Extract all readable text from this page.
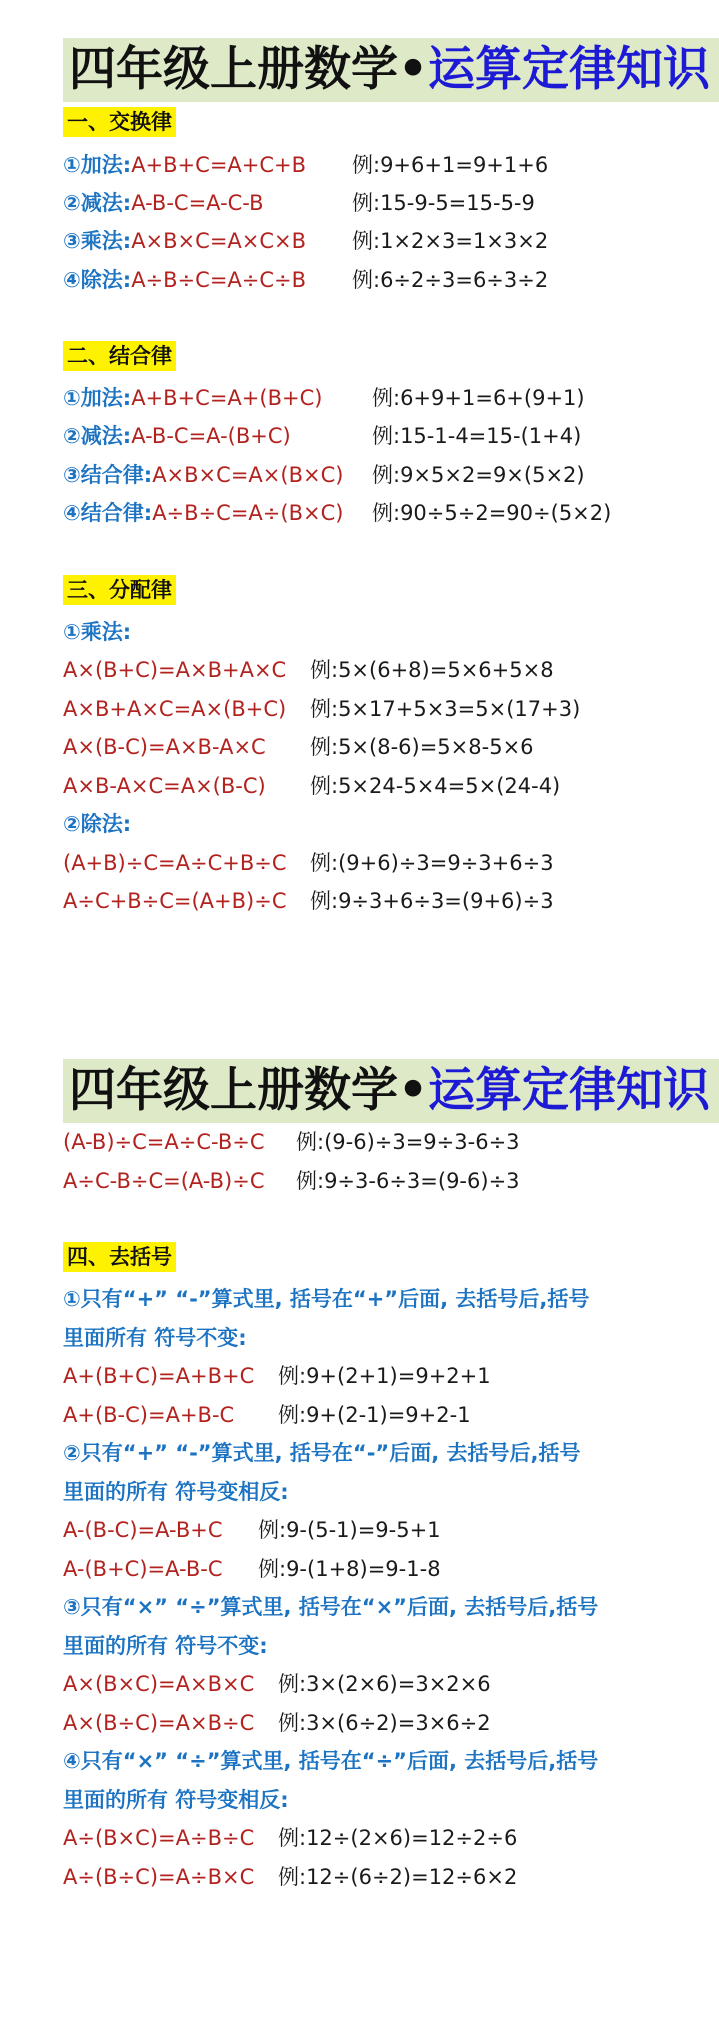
四年级上册数学•运算定律知识
一、交换律
①加法:A+B+C=A+C+B 例:9+6+1=9+1+6
②减法:A-B-C=A-C-B	例:15-9-5=15-5-9
③乘法:A×B×C=A×C×B 例:1×2×3=1×3×2
④除法:A÷B÷C=A÷C÷B 例:6÷2÷3=6÷3÷2
二、结合律
①加法:A+B+C=A+(B+C) 例:6+9+1=6+(9+1)
②减法:A-B-C=A-(B+C)	例:15-1-4=15-(1+4)
③结合律:A×B×C=A×(B×C) 例:9×5×2=9×(5×2)
④结合律:A÷B÷C=A÷(B×C) 例:90÷5÷2=90÷(5×2)
三、分配律
①乘法:
A×(B+C)=A×B+A×C 例:5×(6+8)=5×6+5×8
A×B+A×C=A×(B+C) 例:5×17+5×3=5×(17+3)
A×(B-C)=A×B-A×C 例:5×(8-6)=5×8-5×6
A×B-A×C=A×(B-C) 例:5×24-5×4=5×(24-4)
②除法:
(A+B)÷C=A÷C+B÷C 例:(9+6)÷3=9÷3+6÷3
A÷C+B÷C=(A+B)÷C 例:9÷3+6÷3=(9+6)÷3
四年级上册数学•运算定律知识
(A-B)÷C=A÷C-B÷C 例:(9-6)÷3=9÷3-6÷3
A÷C-B÷C=(A-B)÷C 例:9÷3-6÷3=(9-6)÷3
四、去括号
①只有“+” “-”算式里, 括号在“+”后面, 去括号后,括号
里面所有 符号不变:
A+(B+C)=A+B+C 例:9+(2+1)=9+2+1
A+(B-C)=A+B-C 例:9+(2-1)=9+2-1
②只有“+” “-”算式里, 括号在“-”后面, 去括号后,括号
里面的所有 符号变相反:
A-(B-C)=A-B+C 例:9-(5-1)=9-5+1
A-(B+C)=A-B-C 例:9-(1+8)=9-1-8
③只有“×” “÷”算式里, 括号在“×”后面, 去括号后,括号
里面的所有 符号不变:
A×(B×C)=A×B×C 例:3×(2×6)=3×2×6
A×(B÷C)=A×B÷C 例:3×(6÷2)=3×6÷2
④只有“×” “÷”算式里, 括号在“÷”后面, 去括号后,括号
里面的所有 符号变相反:
A÷(B×C)=A÷B÷C 例:12÷(2×6)=12÷2÷6
A÷(B÷C)=A÷B×C 例:12÷(6÷2)=12÷6×2
